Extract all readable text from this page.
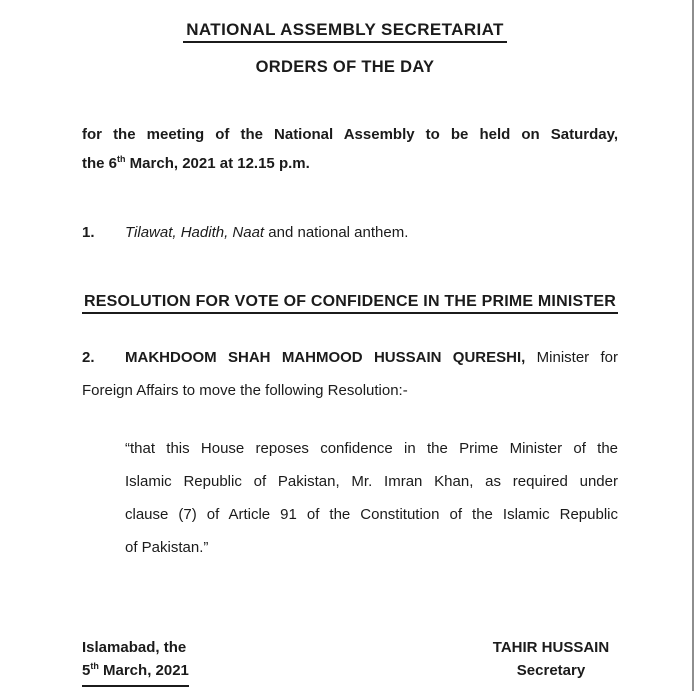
NATIONAL ASSEMBLY SECRETARIAT
ORDERS OF THE DAY
for the meeting of the National Assembly to be held on Saturday,
the 6th March, 2021 at 12.15 p.m.
1. Tilawat, Hadith, Naat and national anthem.
RESOLUTION FOR VOTE OF CONFIDENCE IN THE PRIME MINISTER
2. MAKHDOOM SHAH MAHMOOD HUSSAIN QURESHI, Minister for
Foreign Affairs to move the following Resolution:-
“that this House reposes confidence in the Prime Minister of the
Islamic Republic of Pakistan, Mr. Imran Khan, as required under
clause (7) of Article 91 of the Constitution of the Islamic Republic
of Pakistan.”
Islamabad, the
5th March, 2021
TAHIR HUSSAIN
Secretary
